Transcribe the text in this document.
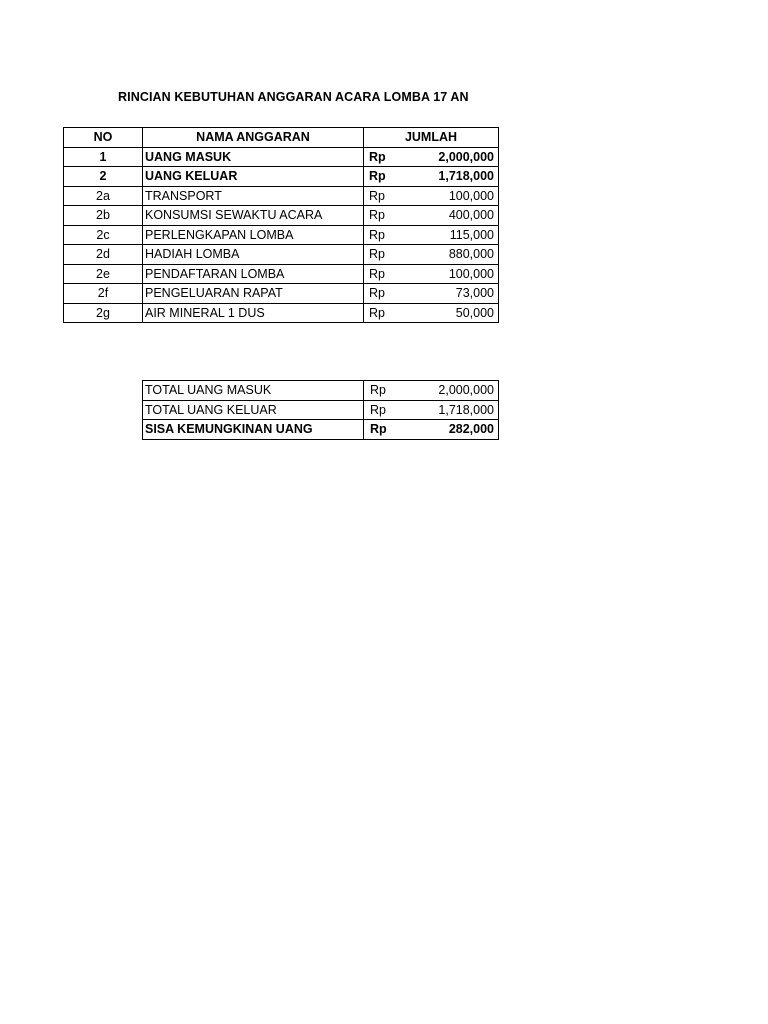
RINCIAN KEBUTUHAN ANGGARAN ACARA LOMBA 17 AN
NO	NAMA ANGGARAN	JUMLAH	
1	UANG MASUK	Rp	2,000,000
2	UANG KELUAR	Rp	1,718,000
2a	TRANSPORT	Rp	100,000
2b	KONSUMSI SEWAKTU ACARA	Rp	400,000
2c	PERLENGKAPAN LOMBA	Rp	115,000
2d	HADIAH LOMBA	Rp	880,000
2e	PENDAFTARAN LOMBA	Rp	100,000
2f	PENGELUARAN RAPAT	Rp	73,000
2g	AIR MINERAL 1 DUS	Rp	50,000
TOTAL UANG MASUK	Rp	2,000,000
TOTAL UANG KELUAR	Rp	1,718,000
SISA KEMUNGKINAN UANG	Rp	282,000
